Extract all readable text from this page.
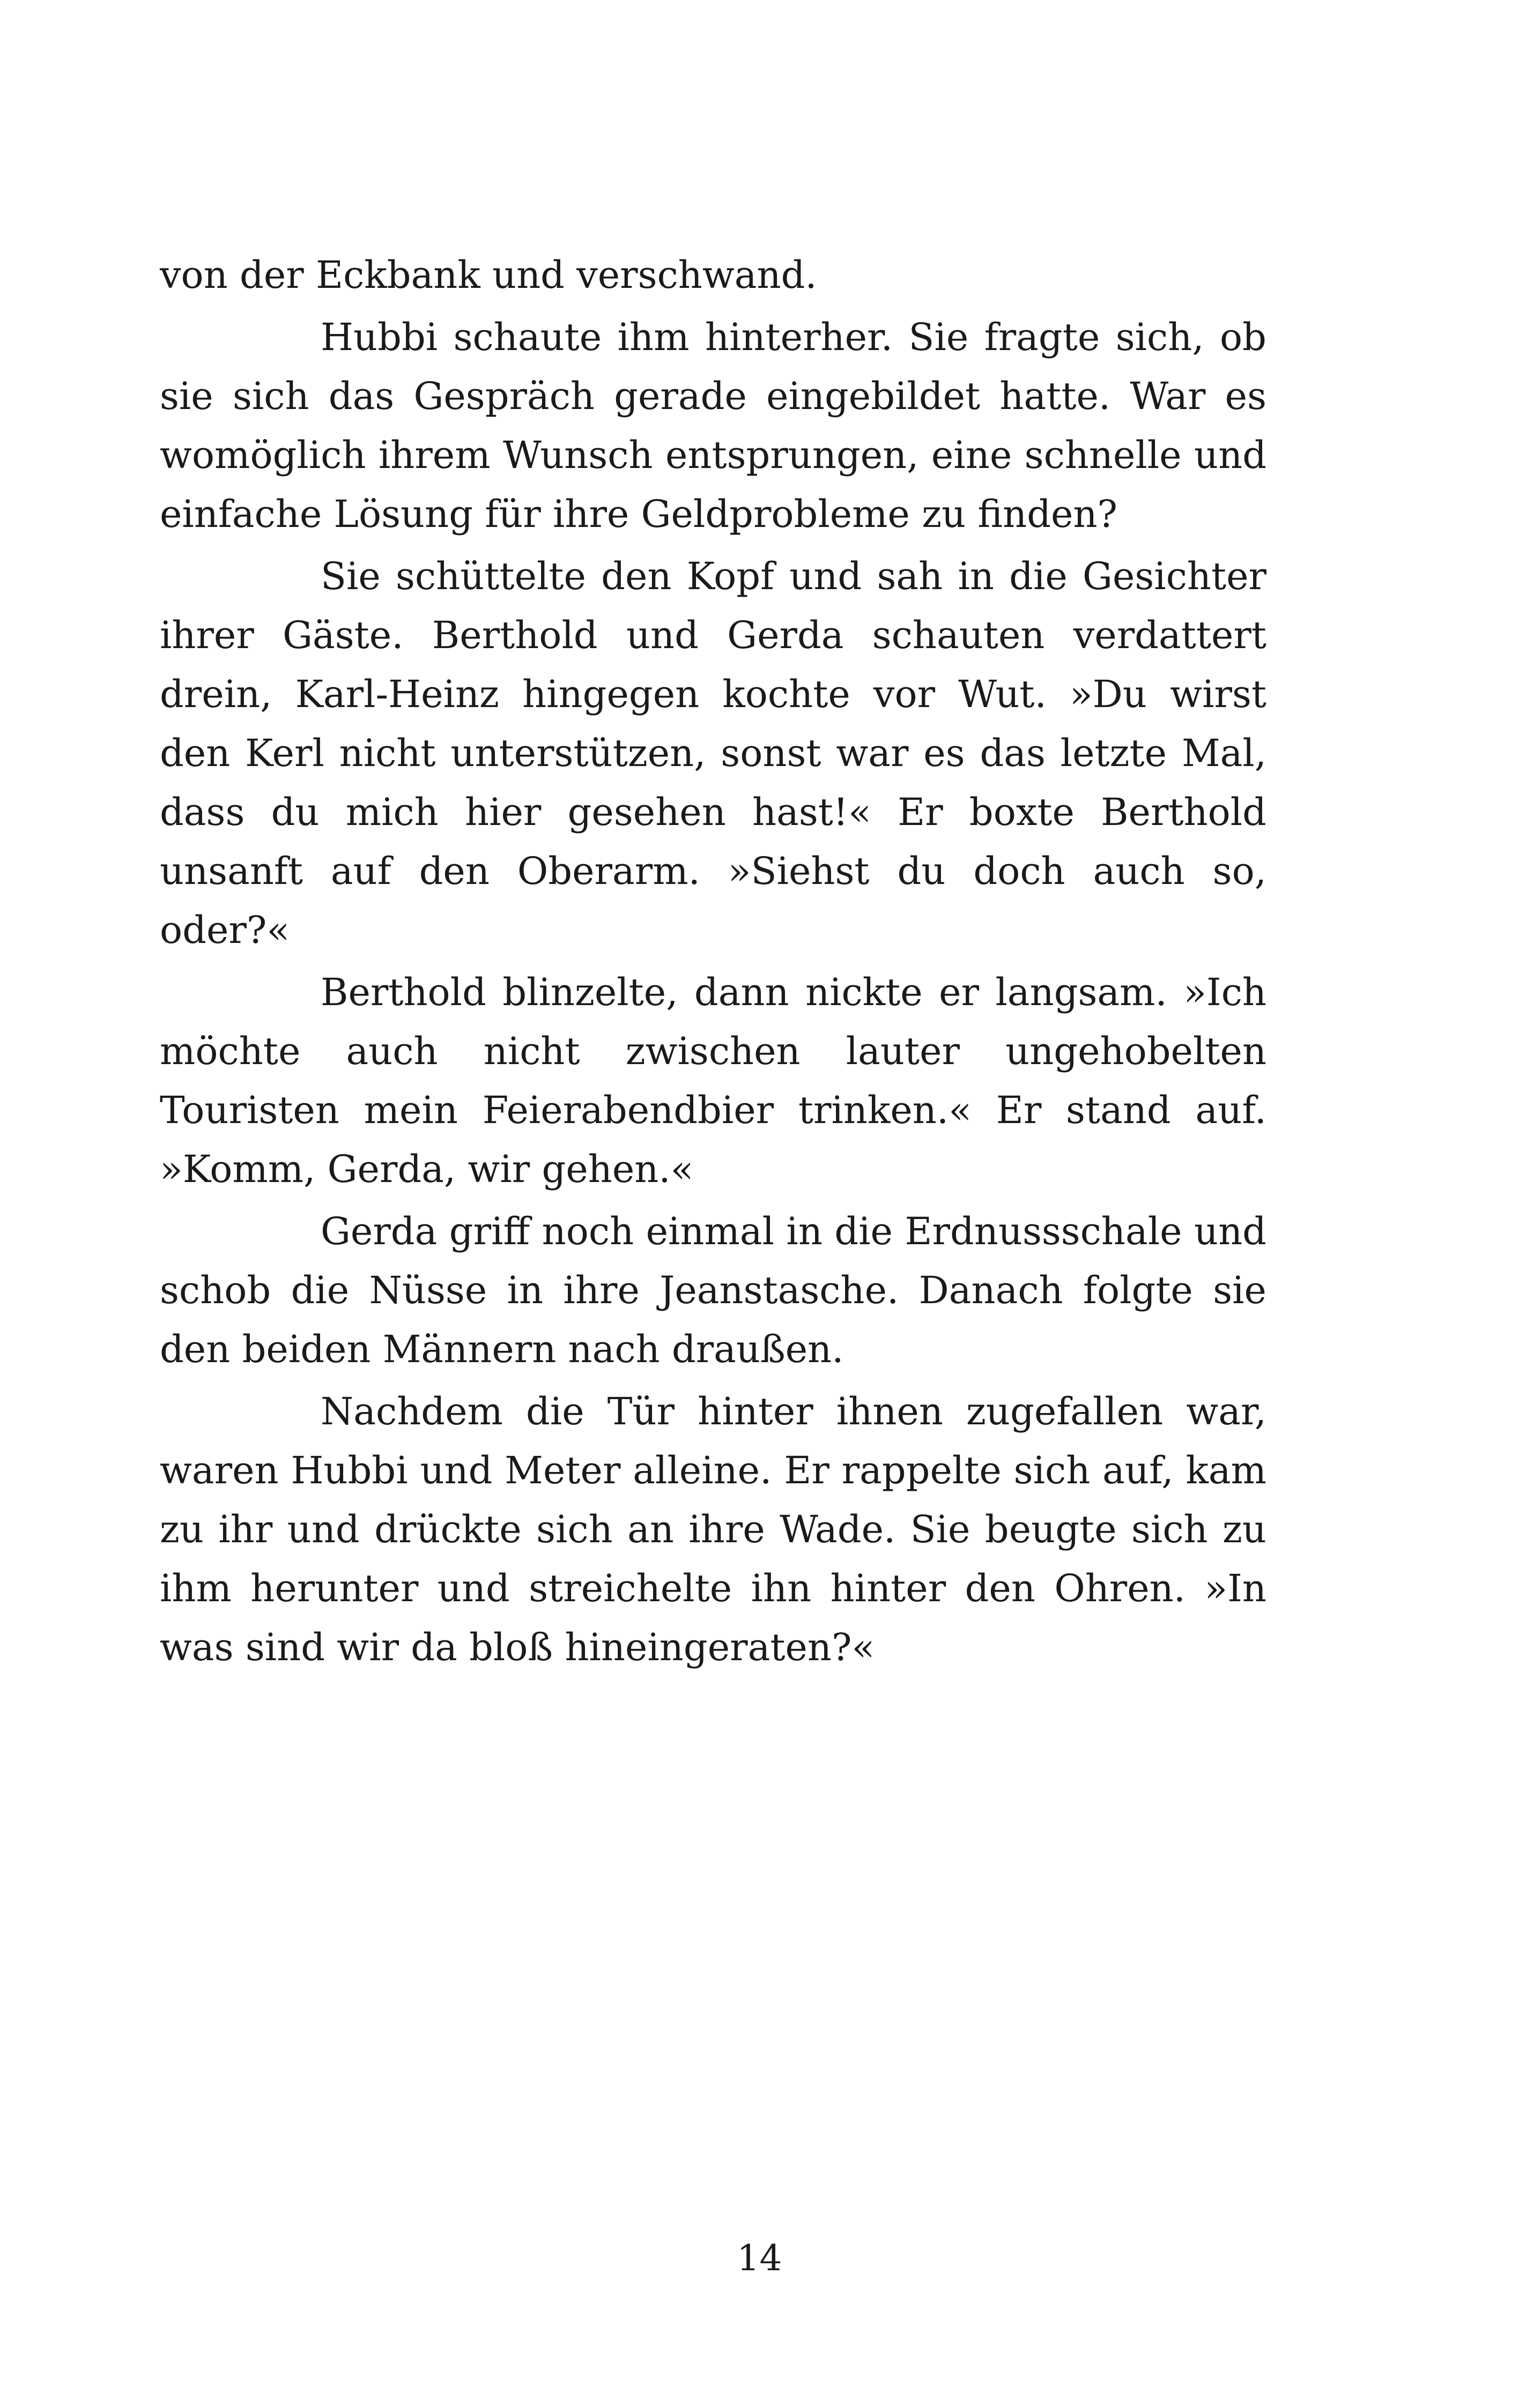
von der Eckbank und verschwand.

Hubbi schaute ihm hinterher. Sie fragte sich, ob sie sich das Gespräch gerade eingebildet hatte. War es womöglich ihrem Wunsch entsprungen, eine schnelle und einfache Lösung für ihre Geldprobleme zu finden?

Sie schüttelte den Kopf und sah in die Gesichter ihrer Gäste. Berthold und Gerda schauten verdattert drein, Karl-Heinz hingegen kochte vor Wut. »Du wirst den Kerl nicht unterstützen, sonst war es das letzte Mal, dass du mich hier gesehen hast!« Er boxte Berthold unsanft auf den Oberarm. »Siehst du doch auch so, oder?«

Berthold blinzelte, dann nickte er langsam. »Ich möchte auch nicht zwischen lauter ungehobelten Touristen mein Feierabendbier trinken.« Er stand auf. »Komm, Gerda, wir gehen.«

Gerda griff noch einmal in die Erdnussschale und schob die Nüsse in ihre Jeanstasche. Danach folgte sie den beiden Männern nach draußen.

Nachdem die Tür hinter ihnen zugefallen war, waren Hubbi und Meter alleine. Er rappelte sich auf, kam zu ihr und drückte sich an ihre Wade. Sie beugte sich zu ihm herunter und streichelte ihn hinter den Ohren. »In was sind wir da bloß hineingeraten?«

14
